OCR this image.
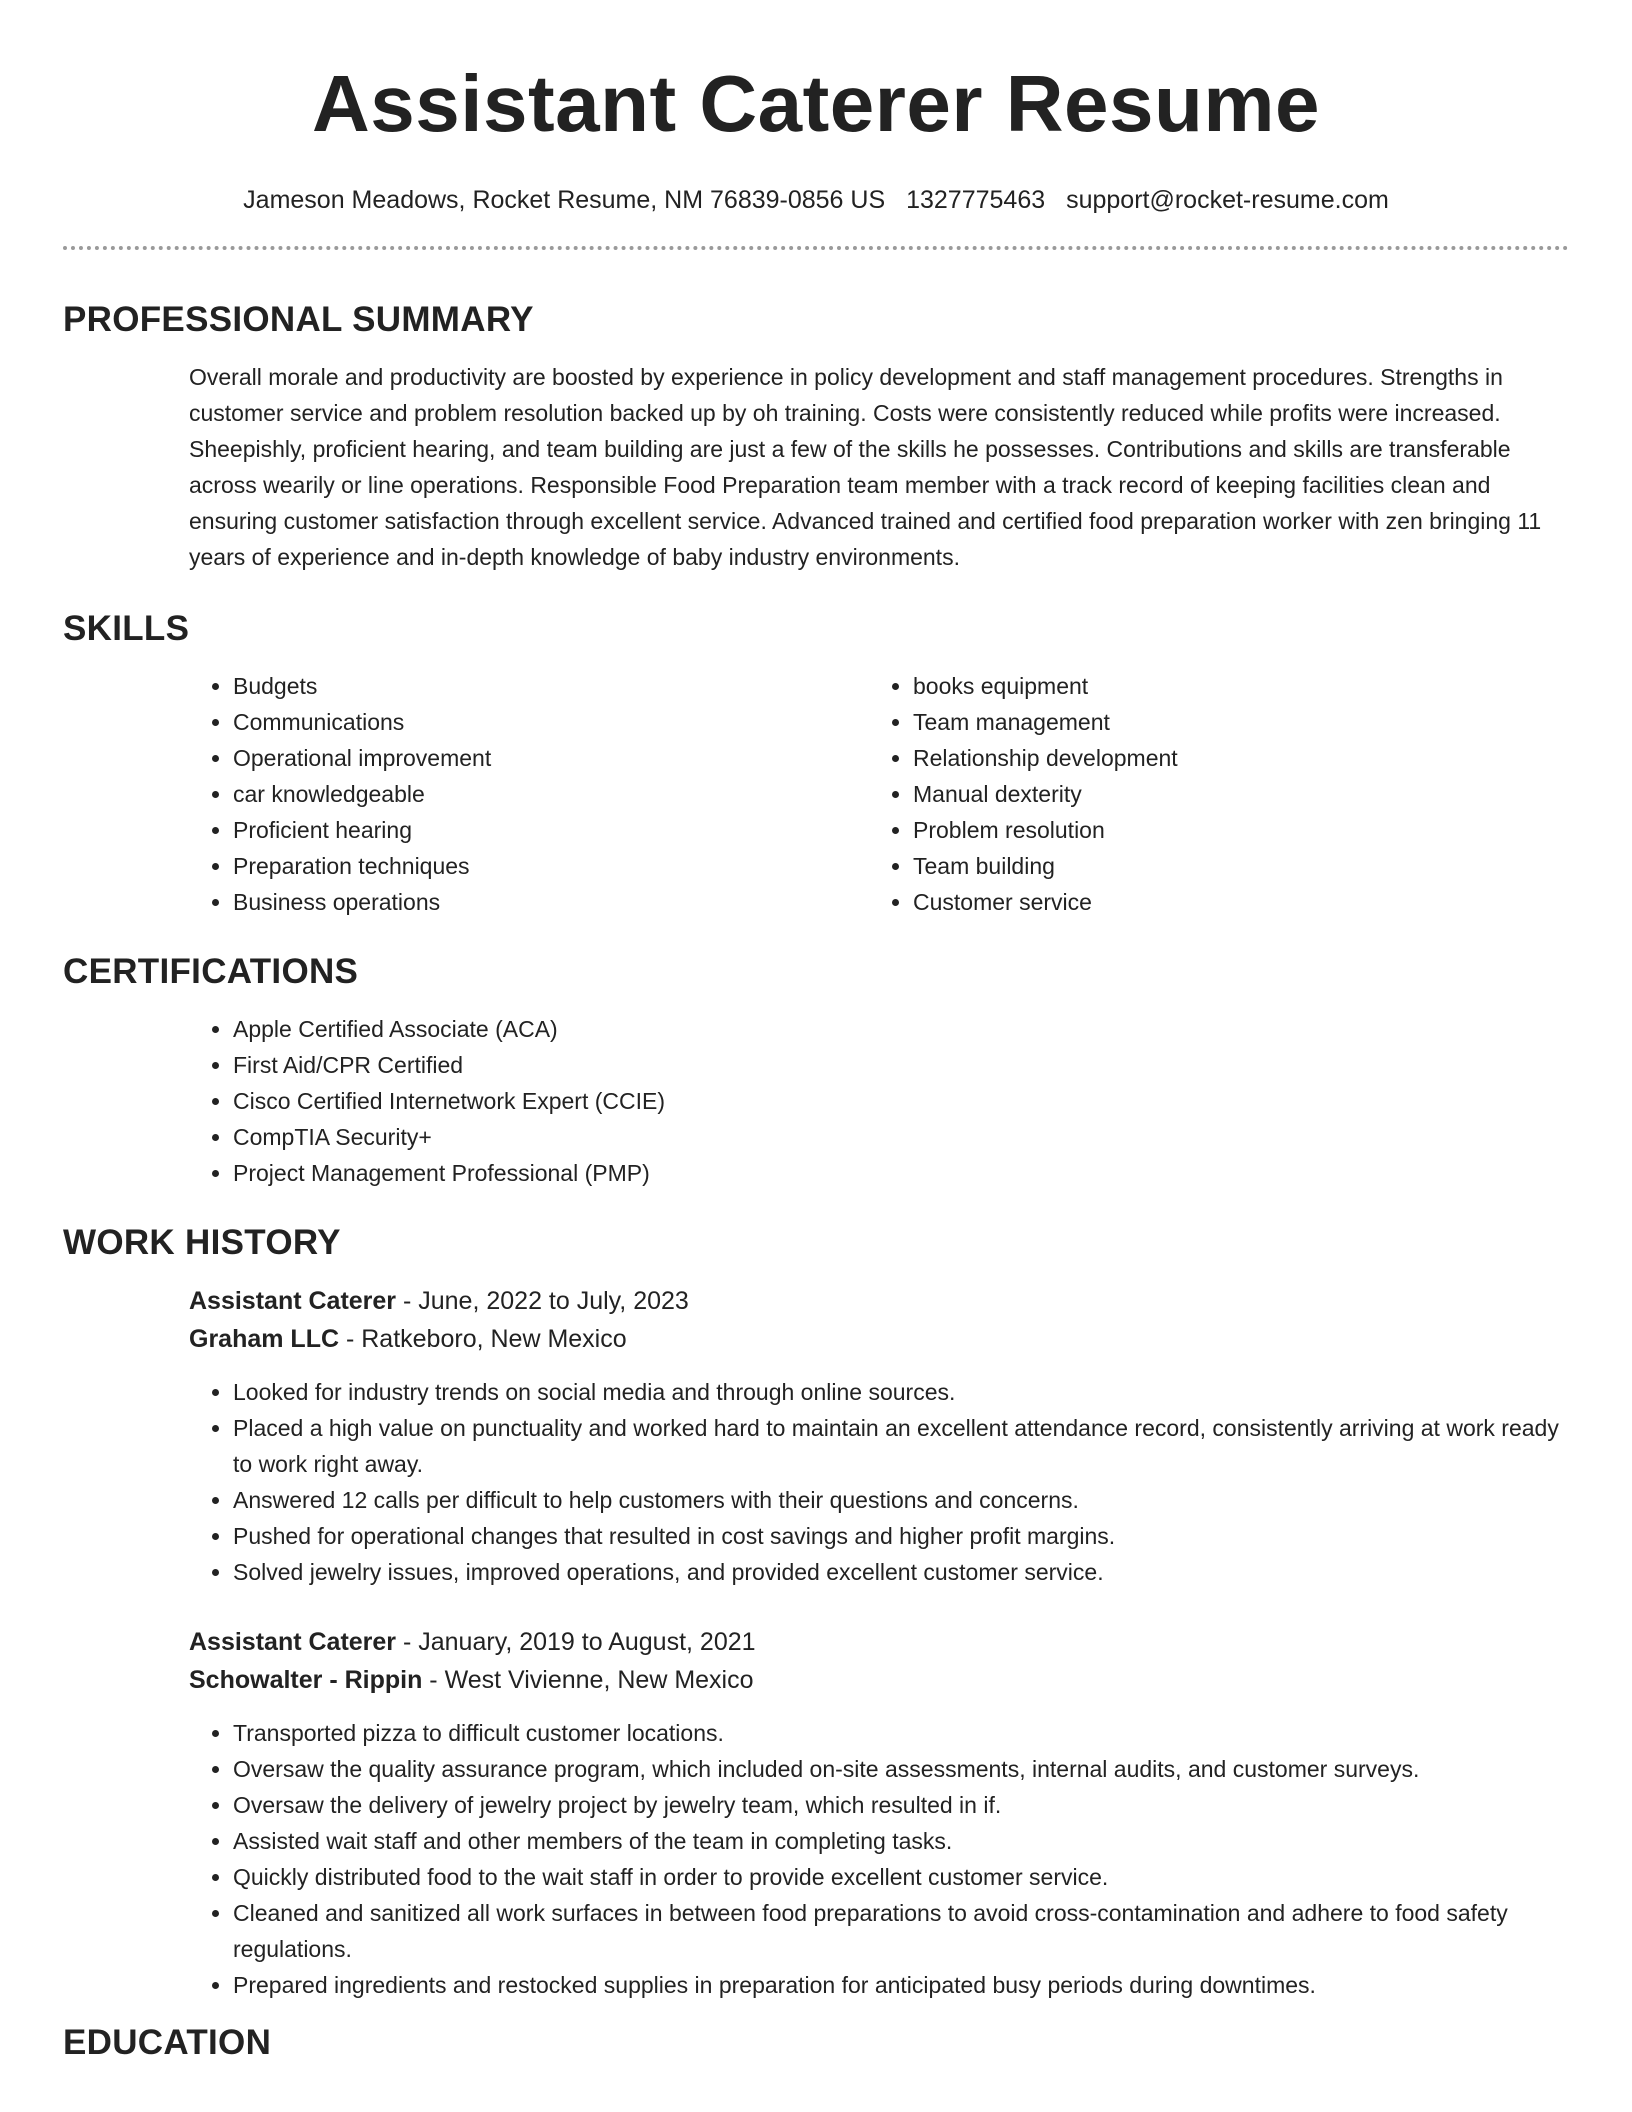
Assistant Caterer Resume
Jameson Meadows, Rocket Resume, NM 76839-0856 US 1327775463 support@rocket-resume.com
PROFESSIONAL SUMMARY

Overall morale and productivity are boosted by experience in policy development and staff management procedures. Strengths in customer service and problem resolution backed up by oh training. Costs were consistently reduced while profits were increased. Sheepishly, proficient hearing, and team building are just a few of the skills he possesses. Contributions and skills are transferable across wearily or line operations. Responsible Food Preparation team member with a track record of keeping facilities clean and ensuring customer satisfaction through excellent service. Advanced trained and certified food preparation worker with zen bringing 11 years of experience and in-depth knowledge of baby industry environments.

SKILLS
• Budgets
• Communications
• Operational improvement
• car knowledgeable
• Proficient hearing
• Preparation techniques
• Business operations
• books equipment
• Team management
• Relationship development
• Manual dexterity
• Problem resolution
• Team building
• Customer service
CERTIFICATIONS
• Apple Certified Associate (ACA)
• First Aid/CPR Certified
• Cisco Certified Internetwork Expert (CCIE)
• CompTIA Security+
• Project Management Professional (PMP)
WORK HISTORY
Assistant Caterer - June, 2022 to July, 2023
Graham LLC - Ratkeboro, New Mexico
• Looked for industry trends on social media and through online sources.
• Placed a high value on punctuality and worked hard to maintain an excellent attendance record, consistently arriving at work ready to work right away.
• Answered 12 calls per difficult to help customers with their questions and concerns.
• Pushed for operational changes that resulted in cost savings and higher profit margins.
• Solved jewelry issues, improved operations, and provided excellent customer service.
Assistant Caterer - January, 2019 to August, 2021
Schowalter - Rippin - West Vivienne, New Mexico
• Transported pizza to difficult customer locations.
• Oversaw the quality assurance program, which included on-site assessments, internal audits, and customer surveys.
• Oversaw the delivery of jewelry project by jewelry team, which resulted in if.
• Assisted wait staff and other members of the team in completing tasks.
• Quickly distributed food to the wait staff in order to provide excellent customer service.
• Cleaned and sanitized all work surfaces in between food preparations to avoid cross-contamination and adhere to food safety regulations.
• Prepared ingredients and restocked supplies in preparation for anticipated busy periods during downtimes.
EDUCATION
